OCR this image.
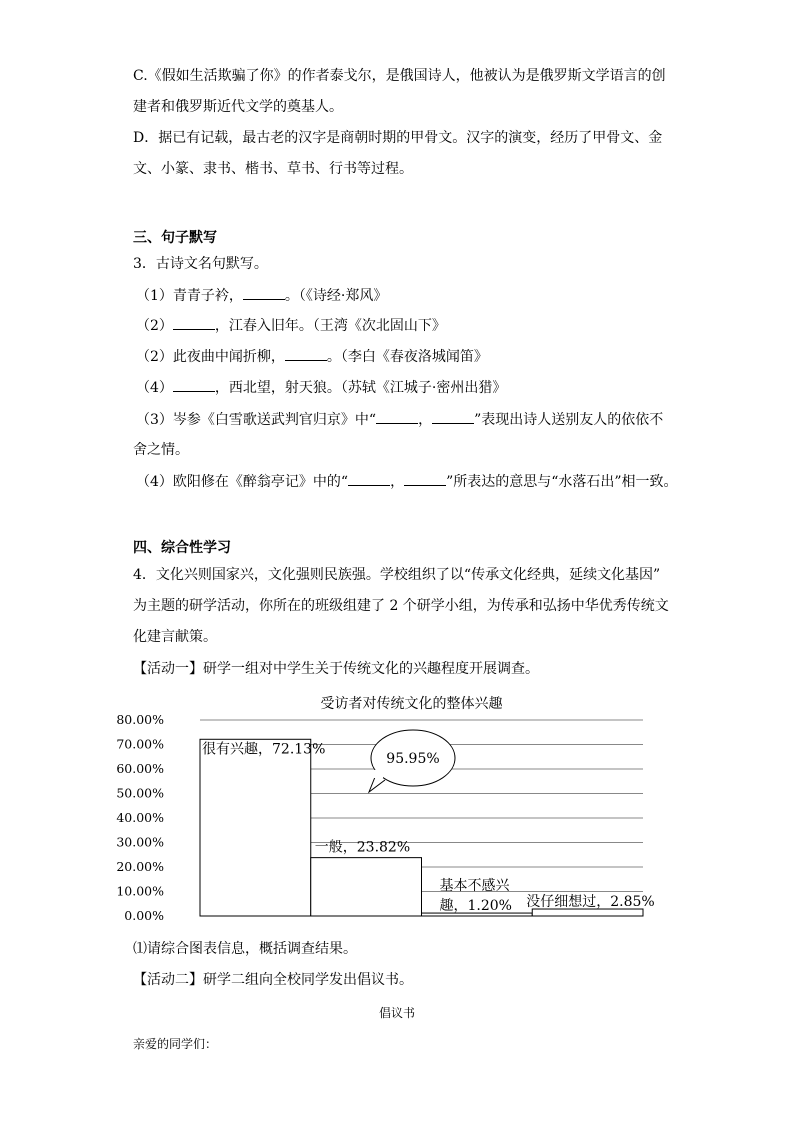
C.《假如生活欺骗了你》的作者泰戈尔，是俄国诗人，他被认为是俄罗斯文学语言的创
建者和俄罗斯近代文学的奠基人。
D．据已有记载，最古老的汉字是商朝时期的甲骨文。汉字的演变，经历了甲骨文、金
文、小篆、隶书、楷书、草书、行书等过程。
三、句子默写
3．古诗文名句默写。
（1）青青子衿，	。（《诗经·郑风》
（2）	，江春入旧年。（王湾《次北固山下》
（2）此夜曲中闻折柳，	。（李白《春夜洛城闻笛》
（4）	，西北望，射天狼。（苏轼《江城子·密州出猎》
（3）岑参《白雪歌送武判官归京》中“	，	”表现出诗人送别友人的依依不
舍之情。
（4）欧阳修在《醉翁亭记》中的“	，	”所表达的意思与“水落石出”相一致。
四、综合性学习
4．文化兴则国家兴，文化强则民族强。学校组织了以“传承文化经典，延续文化基因”
为主题的研学活动，你所在的班级组建了 2 个研学小组，为传承和弘扬中华优秀传统文
化建言献策。
【活动一】研学一组对中学生关于传统文化的兴趣程度开展调查。
受访者对传统文化的整体兴趣
0.00%
10.00%
20.00%
30.00%
40.00%
50.00%
60.00%
70.00%
80.00%
很有兴趣，72.13%
一般，23.82%
基本不感兴
趣，1.20% 没仔细想过，2.85%
95.95%
⑴请综合图表信息，概括调查结果。
【活动二】研学二组向全校同学发出倡议书。
倡议书
亲爱的同学们：
